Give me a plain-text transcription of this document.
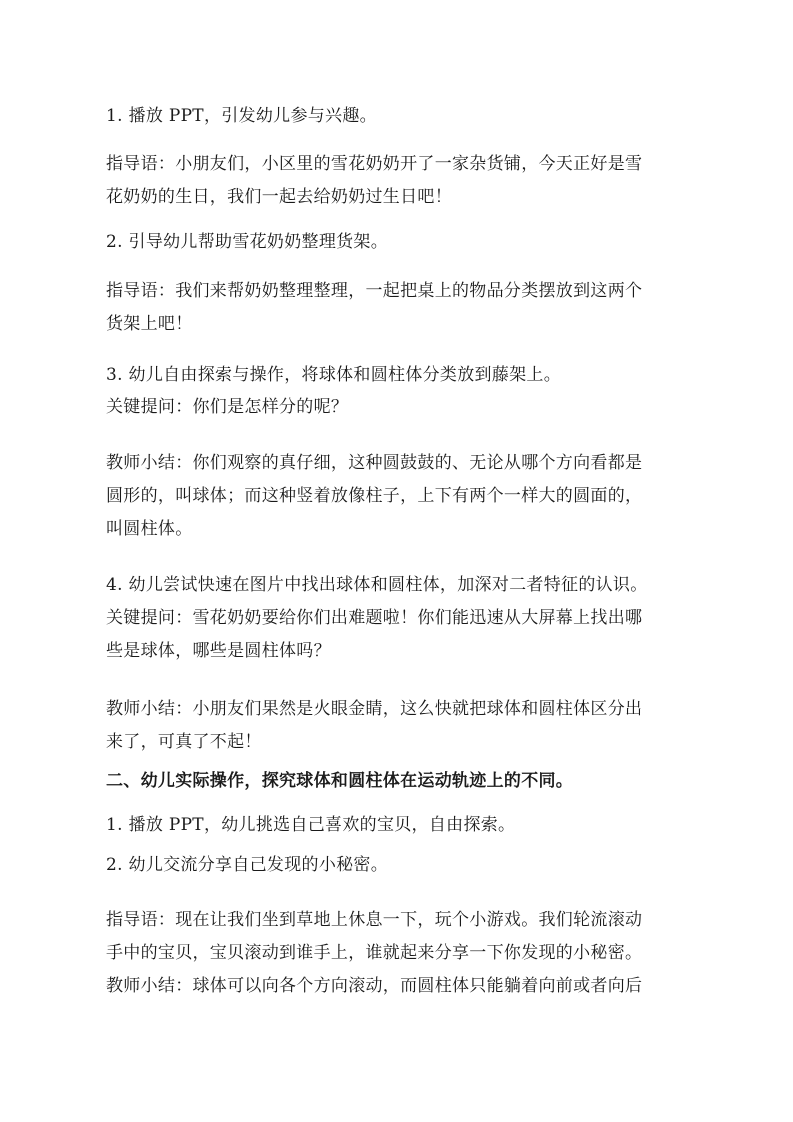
1. 播放 PPT，引发幼儿参与兴趣。
指导语：小朋友们，小区里的雪花奶奶开了一家杂货铺，今天正好是雪
花奶奶的生日，我们一起去给奶奶过生日吧！
2. 引导幼儿帮助雪花奶奶整理货架。
指导语：我们来帮奶奶整理整理，一起把桌上的物品分类摆放到这两个
货架上吧！
3. 幼儿自由探索与操作，将球体和圆柱体分类放到藤架上。
关键提问：你们是怎样分的呢？
教师小结：你们观察的真仔细，这种圆鼓鼓的、无论从哪个方向看都是
圆形的，叫球体；而这种竖着放像柱子，上下有两个一样大的圆面的，
叫圆柱体。
4. 幼儿尝试快速在图片中找出球体和圆柱体，加深对二者特征的认识。
关键提问：雪花奶奶要给你们出难题啦！你们能迅速从大屏幕上找出哪
些是球体，哪些是圆柱体吗？
教师小结：小朋友们果然是火眼金睛，这么快就把球体和圆柱体区分出
来了，可真了不起！
二、幼儿实际操作，探究球体和圆柱体在运动轨迹上的不同。
1. 播放 PPT，幼儿挑选自己喜欢的宝贝，自由探索。
2. 幼儿交流分享自己发现的小秘密。
指导语：现在让我们坐到草地上休息一下，玩个小游戏。我们轮流滚动
手中的宝贝，宝贝滚动到谁手上，谁就起来分享一下你发现的小秘密。
教师小结：球体可以向各个方向滚动，而圆柱体只能躺着向前或者向后
